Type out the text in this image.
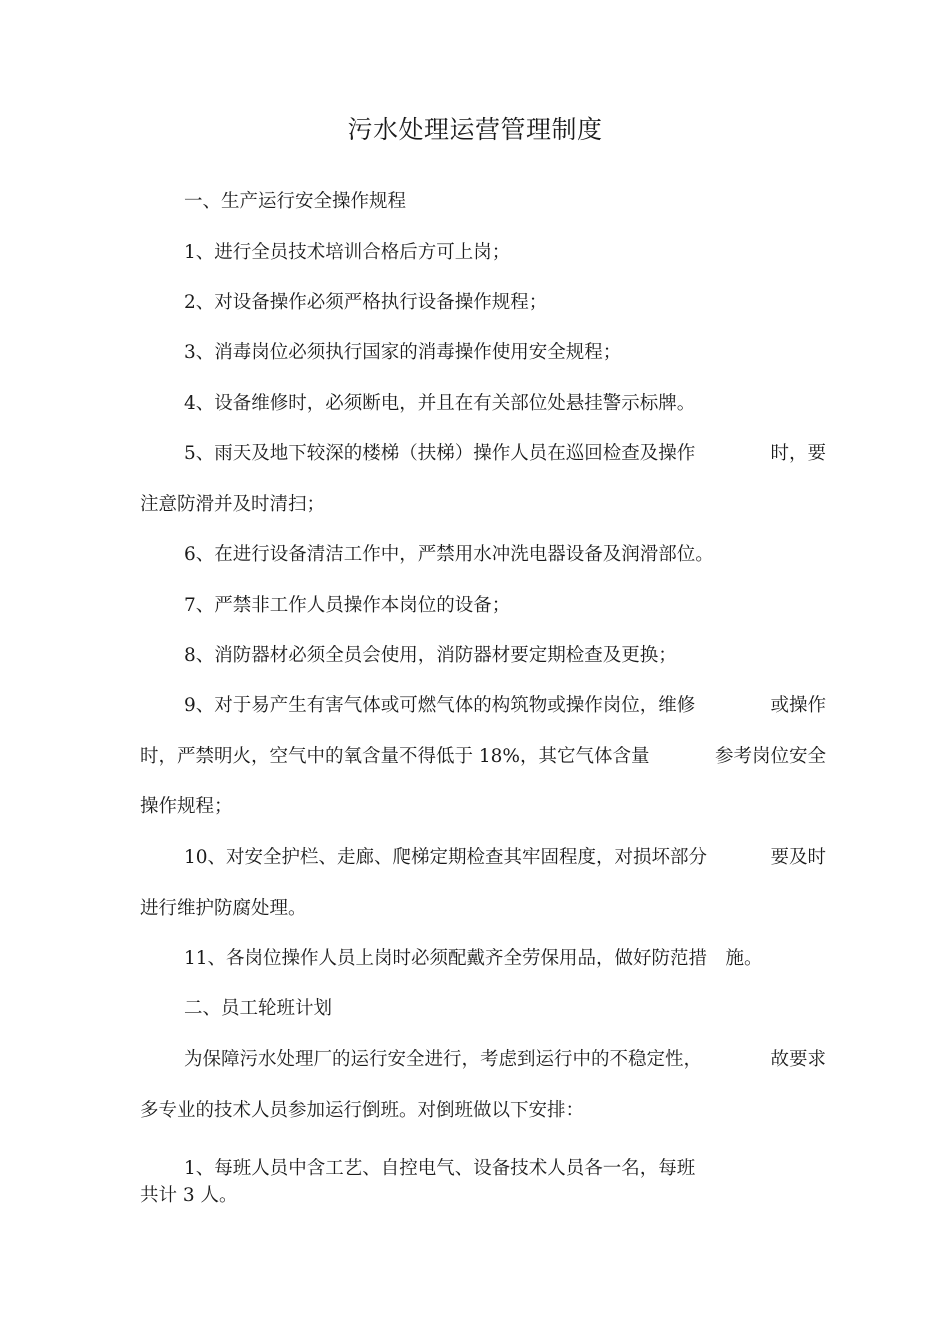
污水处理运营管理制度
一、生产运行安全操作规程
1、进行全员技术培训合格后方可上岗；
2、对设备操作必须严格执行设备操作规程；
3、消毒岗位必须执行国家的消毒操作使用安全规程；
4、设备维修时，必须断电，并且在有关部位处悬挂警示标牌。
5、雨天及地下较深的楼梯（扶梯）操作人员在巡回检查及操作	时，要
注意防滑并及时清扫；
6、在进行设备清洁工作中，严禁用水冲洗电器设备及润滑部位。
7、严禁非工作人员操作本岗位的设备；
8、消防器材必须全员会使用，消防器材要定期检查及更换；
9、对于易产生有害气体或可燃气体的构筑物或操作岗位，维修	或操作
时，严禁明火，空气中的氧含量不得低于 18%，其它气体含量	参考岗位安全
操作规程；
10、对安全护栏、走廊、爬梯定期检查其牢固程度，对损坏部分	要及时
进行维护防腐处理。
11、各岗位操作人员上岗时必须配戴齐全劳保用品，做好防范措　施。
二、员工轮班计划
为保障污水处理厂的运行安全进行，考虑到运行中的不稳定性，	故要求
多专业的技术人员参加运行倒班。对倒班做以下安排：
1、每班人员中含工艺、自控电气、设备技术人员各一名，每班
共计 3 人。
